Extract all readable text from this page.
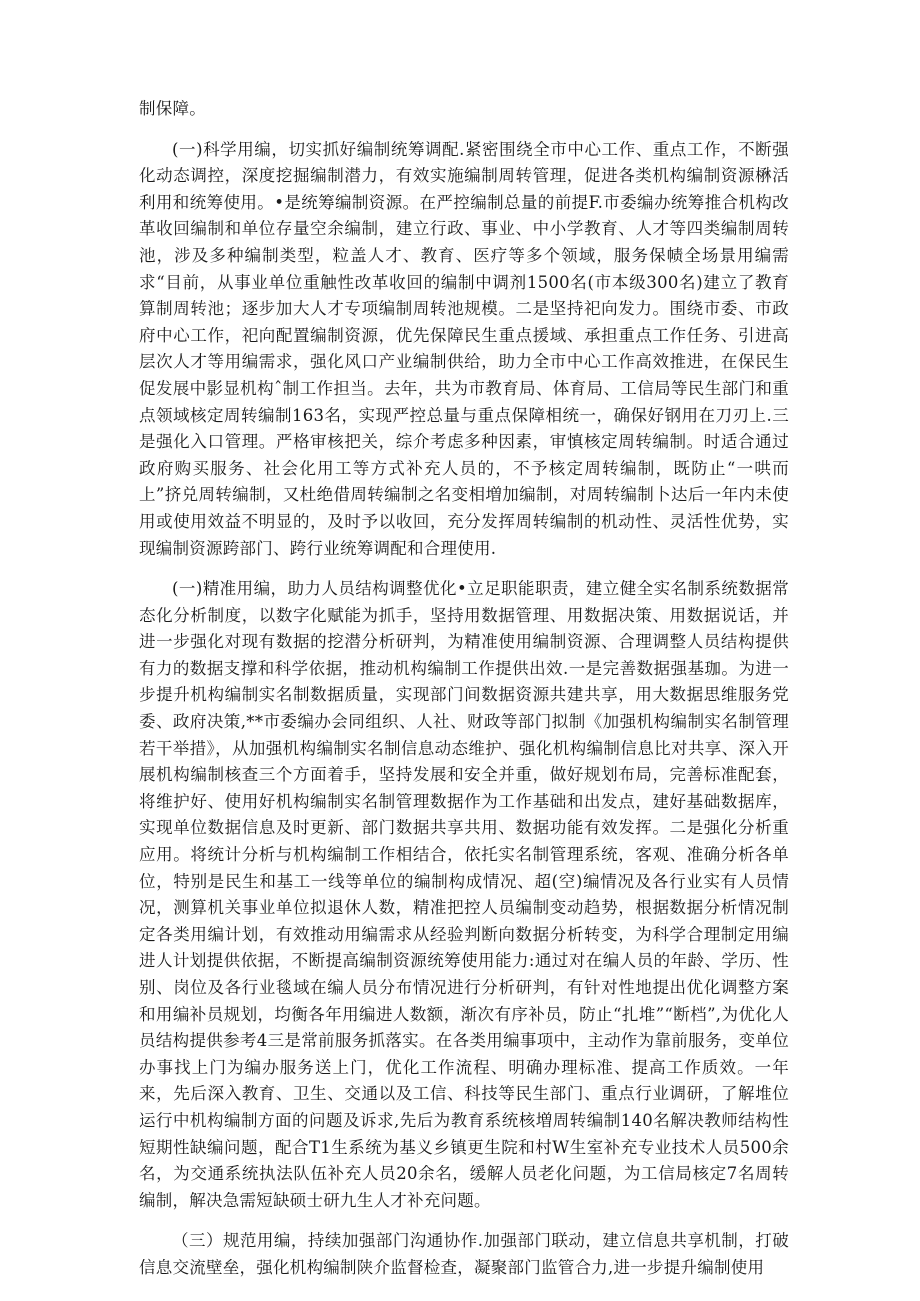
制保障。

(一)科学用编，切实抓好编制统筹调配.紧密围绕全市中心工作、重点工作，不断强化动态调控，深度挖掘编制潜力，有效实施编制周转管理，促进各类机构编制资源楙活利用和统筹使用。•是统筹编制资源。在严控编制总量的前提F.市委编办统筹推合机构改革收回编制和单位存量空余编制，建立行政、事业、中小学教育、人才等四类编制周转池，涉及多种编制类型，粒盖人才、教育、医疗等多个领域，服务保帻全场景用编需求“目前，从事业单位重触性改革收回的编制中调剂1500名(市本级300名)建立了教育算制周转池；逐步加大人才专项编制周转池规模。二是坚持祀向发力。围绕市委、市政府中心工作，祀向配置编制资源，优先保障民生重点援域、承担重点工作任务、引进高层次人才等用编需求，强化风口产业编制供给，助力全市中心工作高效推进，在保民生促发展中影显机构ˆ制工作担当。去年，共为市教育局、体育局、工信局等民生部门和重点领域核定周转编制163名，实现严控总量与重点保障相统一，确保好钢用在刀刃上.三是强化入口管理。严格审核把关，综介考虑多种因素，审慎核定周转编制。时适合通过政府购买服务、社会化用工等方式补充人员的，不予核定周转编制，既防止“一哄而上”挤兑周转编制，又杜绝借周转编制之名变相増加编制，对周转编制卜达后一年内未使用或使用效益不明显的，及时予以收回，充分发挥周转编制的机动性、灵活性优势，实现编制资源跨部门、跨行业统筹调配和合理使用.

(一)精准用编，助力人员结构调整优化•立足职能职责，建立健全实名制系统数据常态化分析制度，以数字化赋能为抓手，坚持用数据管理、用数据决策、用数据说话，并进一步强化对现有数据的挖潜分析研判，为精准使用编制资源、合理调整人员结构提供有力的数据支撑和科学依据，推动机构编制工作提供出效.一是完善数据强基珈。为进一步提升机构编制实名制数据质量，实现部门间数据资源共建共享，用大数据思维服务党委、政府决策,**市委编办会同组织、人社、财政等部门拟制《加强机构编制实名制管理若干举措》，从加强机构编制实名制信息动态维护、强化机构编制信息比对共享、深入开展机构编制核查三个方面着手，坚持发展和安全并重，做好规划布局，完善标准配套，将维护好、使用好机构编制实名制管理数据作为工作基础和出发点，建好基础数据库，实现单位数据信息及时更新、部门数据共享共用、数据功能有效发挥。二是强化分析重应用。将统计分析与机构编制工作相结合，依托实名制管理系统，客观、准确分析各单位，特别是民生和基工一线等单位的编制构成情况、超(空)编情况及各行业实有人员情况，测算机关事业单位拟退休人数，精准把控人员编制变动趋势，根据数据分析情况制定各类用编计划，有效推动用编需求从经验判断向数据分析转变，为科学合理制定用编进人计划提供依据，不断提高编制资源统筹使用能力:通过对在编人员的年龄、学历、性别、岗位及各行业毯域在编人员分布情况进行分析研判，有针对性地提出优化调整方案和用编补员规划，均衡各年用编进人数额，渐次有序补员，防止“扎堆”“断档”,为优化人员结构提供参考4三是常前服务抓落实。在各类用编事项中，主动作为靠前服务，变单位办事找上门为编办服务送上门，优化工作流程、明确办理标准、提高工作质效。一年来，先后深入教育、卫生、交通以及工信、科技等民生部门、重点行业调研，了解堆位运行中机构编制方面的问题及诉求,先后为教育系统核増周转编制140名解决教师结构性短期性缺编问题，配合T1生系统为基义乡镇更生院和村W生室补充专业技术人员500余名，为交通系统执法队伍补充人员20余名，缓解人员老化问题，为工信局核定7名周转编制，解决急需短缺硕士研九生人才补充问题。

（三）规范用编，持续加强部门沟通协作.加强部门联动，建立信息共享机制，打破信息交流壁垒，强化机构编制陕介监督检查，凝聚部门监管合力,进一步提升编制使用
